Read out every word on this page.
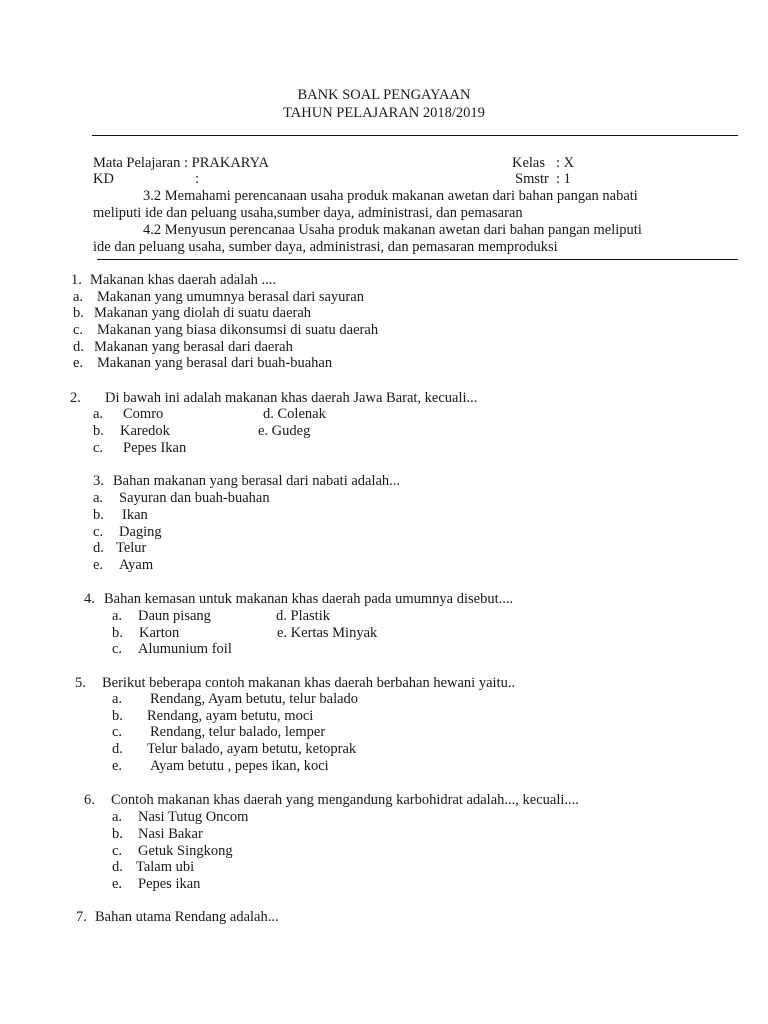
BANK SOAL PENGAYAAN
TAHUN PELAJARAN 2018/2019
Mata Pelajaran : PRAKARYA	Kelas : X
KD	:	Smstr : 1
3.2 Memahami perencanaan usaha produk makanan awetan dari bahan pangan nabati
meliputi ide dan peluang usaha,sumber daya, administrasi, dan pemasaran
4.2 Menyusun perencanaa Usaha produk makanan awetan dari bahan pangan meliputi
ide dan peluang usaha, sumber daya, administrasi, dan pemasaran memproduksi
1. Makanan khas daerah adalah ....
a. Makanan yang umumnya berasal dari sayuran
b. Makanan yang diolah di suatu daerah
c. Makanan yang biasa dikonsumsi di suatu daerah
d. Makanan yang berasal dari daerah
e. Makanan yang berasal dari buah-buahan
2. Di bawah ini adalah makanan khas daerah Jawa Barat, kecuali...
a. Comro
b. Karedok
c. Pepes Ikan
d. Colenak
e. Gudeg
3. Bahan makanan yang berasal dari nabati adalah...
a. Sayuran dan buah-buahan
b. Ikan
c. Daging
d. Telur
e. Ayam
4. Bahan kemasan untuk makanan khas daerah pada umumnya disebut....
a. Daun pisang
b. Karton
c. Alumunium foil
d. Plastik
e. Kertas Minyak
5. Berikut beberapa contoh makanan khas daerah berbahan hewani yaitu..
a. Rendang, Ayam betutu, telur balado
b. Rendang, ayam betutu, moci
c. Rendang, telur balado, lemper
d. Telur balado, ayam betutu, ketoprak
e. Ayam betutu , pepes ikan, koci
6. Contoh makanan khas daerah yang mengandung karbohidrat adalah..., kecuali....
a. Nasi Tutug Oncom
b. Nasi Bakar
c. Getuk Singkong
d. Talam ubi
e. Pepes ikan
7. Bahan utama Rendang adalah...
